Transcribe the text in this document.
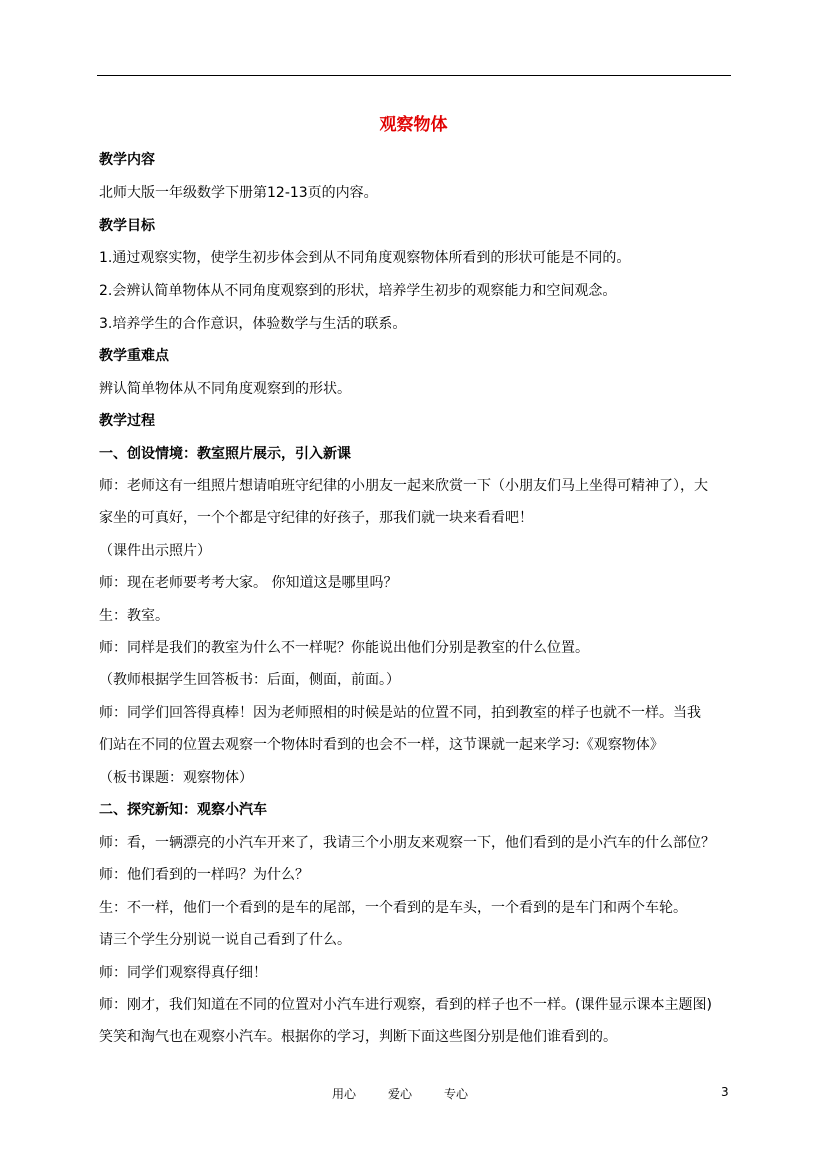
观察物体
教学内容
北师大版一年级数学下册第12-13页的内容。
教学目标
1.通过观察实物，使学生初步体会到从不同角度观察物体所看到的形状可能是不同的。
2.会辨认简单物体从不同角度观察到的形状，培养学生初步的观察能力和空间观念。
3.培养学生的合作意识，体验数学与生活的联系。
教学重难点
辨认简单物体从不同角度观察到的形状。
教学过程
一、创设情境：教室照片展示，引入新课
师：老师这有一组照片想请咱班守纪律的小朋友一起来欣赏一下（小朋友们马上坐得可精神了），大
家坐的可真好，一个个都是守纪律的好孩子，那我们就一块来看看吧！
（课件出示照片）
师：现在老师要考考大家。 你知道这是哪里吗？
生：教室。
师：同样是我们的教室为什么不一样呢？你能说出他们分别是教室的什么位置。
（教师根据学生回答板书：后面，侧面，前面。）
师：同学们回答得真棒！因为老师照相的时候是站的位置不同，拍到教室的样子也就不一样。当我
们站在不同的位置去观察一个物体时看到的也会不一样，这节课就一起来学习:《观察物体》
（板书课题：观察物体）
二、探究新知：观察小汽车
师：看，一辆漂亮的小汽车开来了，我请三个小朋友来观察一下，他们看到的是小汽车的什么部位？
师：他们看到的一样吗？为什么？
生：不一样，他们一个看到的是车的尾部，一个看到的是车头，一个看到的是车门和两个车轮。
请三个学生分别说一说自己看到了什么。
师：同学们观察得真仔细！
师：刚才，我们知道在不同的位置对小汽车进行观察，看到的样子也不一样。(课件显示课本主题图)
笑笑和淘气也在观察小汽车。根据你的学习，判断下面这些图分别是他们谁看到的。
用心	爱心	专心	3
